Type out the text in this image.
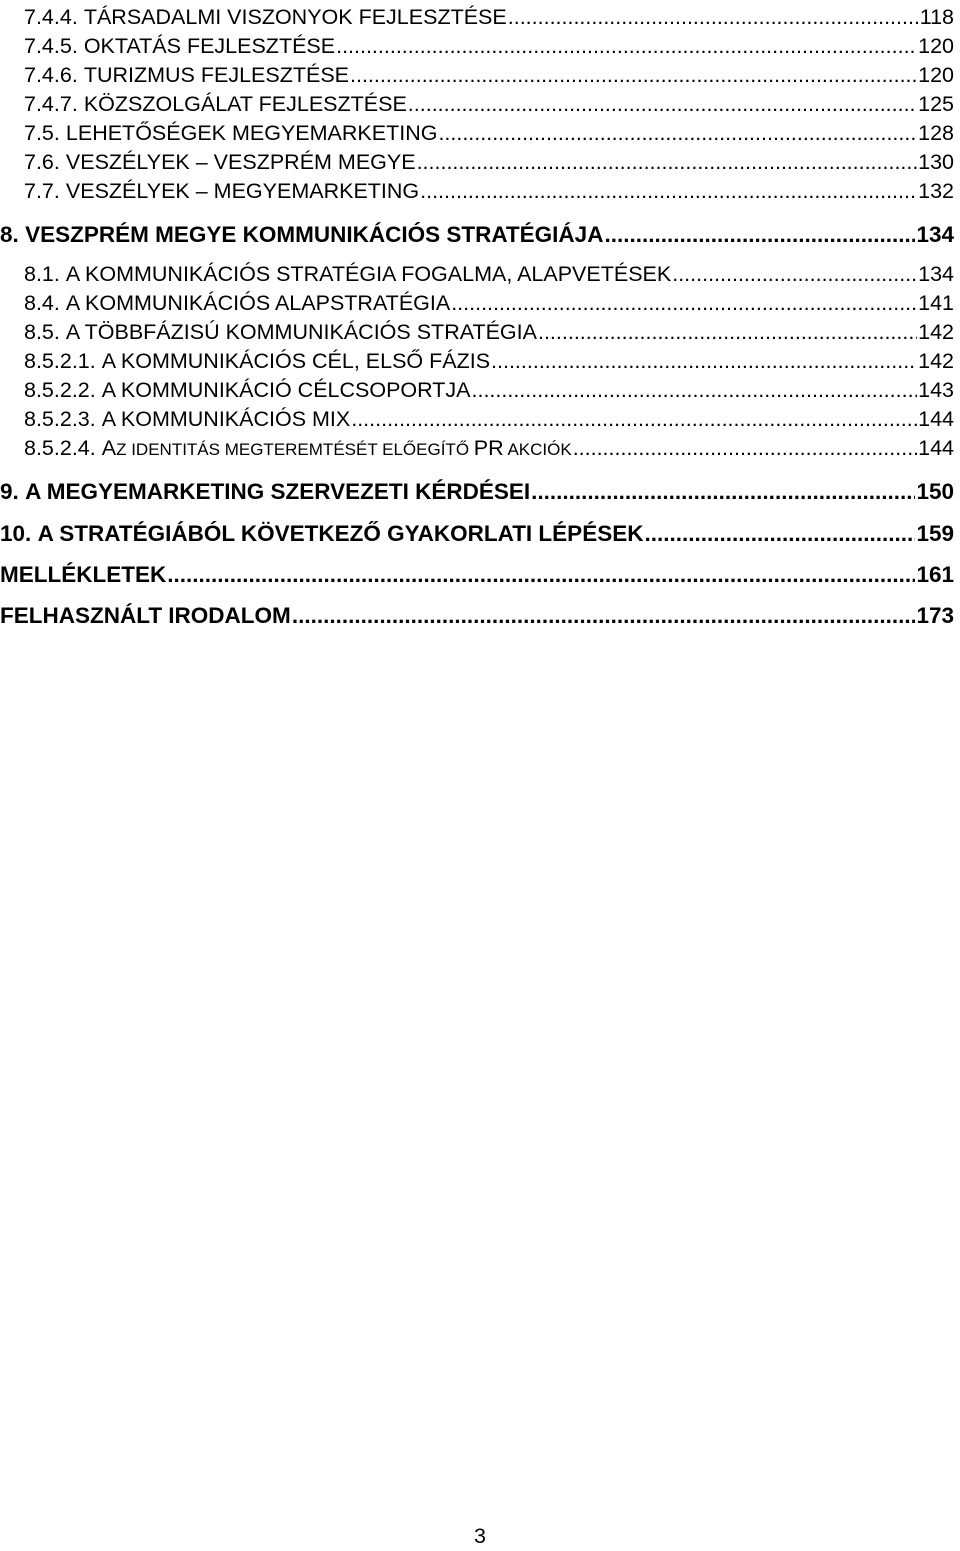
7.4.4. TÁRSADALMI VISZONYOK FEJLESZTÉSE .....	118
7.4.5. OKTATÁS FEJLESZTÉSE .....	120
7.4.6. TURIZMUS FEJLESZTÉSE .....	120
7.4.7. KÖZSZOLGÁLAT FEJLESZTÉSE .....	125
7.5. LEHETŐSÉGEK MEGYEMARKETING .....	128
7.6. VESZÉLYEK – VESZPRÉM MEGYE .....	130
7.7. VESZÉLYEK – MEGYEMARKETING .....	132
8. VESZPRÉM MEGYE KOMMUNIKÁCIÓS STRATÉGIÁJA .....	134
8.1. A KOMMUNIKÁCIÓS STRATÉGIA FOGALMA, ALAPVETÉSEK .....	134
8.4. A KOMMUNIKÁCIÓS ALAPSTRATÉGIA .....	141
8.5. A TÖBBFÁZISÚ KOMMUNIKÁCIÓS STRATÉGIA .....	142
8.5.2.1. A KOMMUNIKÁCIÓS CÉL, ELSŐ FÁZIS .....	142
8.5.2.2. A KOMMUNIKÁCIÓ CÉLCSOPORTJA .....	143
8.5.2.3. A KOMMUNIKÁCIÓS MIX .....	144
8.5.2.4. AZ IDENTITÁS MEGTEREMTÉSÉT ELŐEGÍTŐ PR AKCIÓK .....	144
9. A MEGYEMARKETING SZERVEZETI KÉRDÉSEI .....	150
10. A STRATÉGIÁBÓL KÖVETKEZŐ GYAKORLATI LÉPÉSEK .....	159
MELLÉKLETEK .....	161
FELHASZNÁLT IRODALOM .....	173
3
